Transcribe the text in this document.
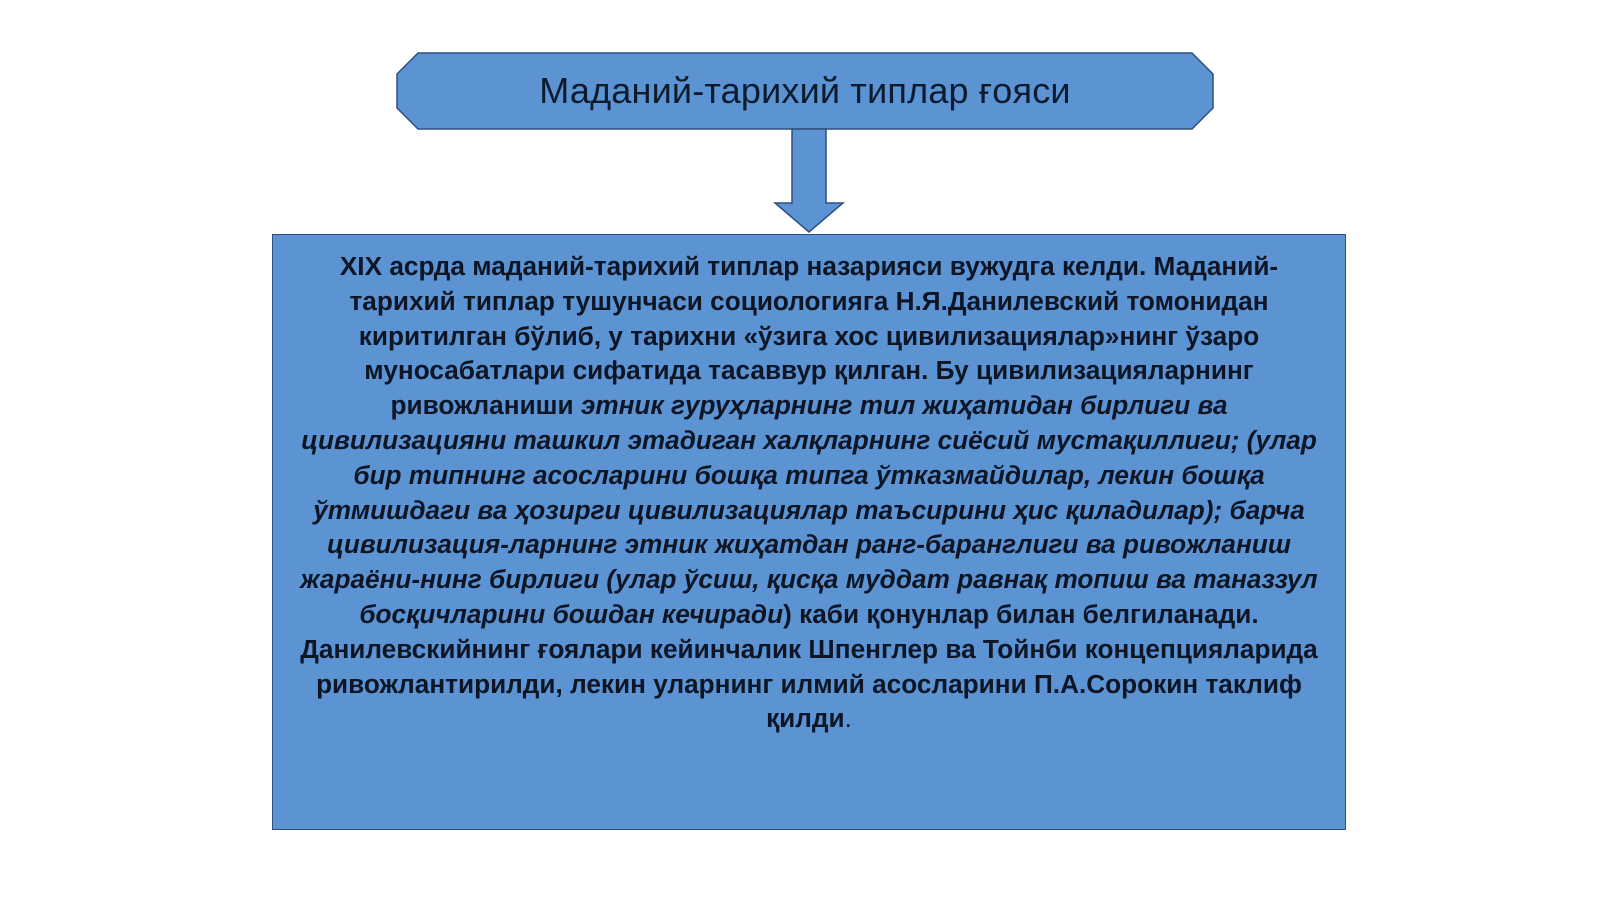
Маданий-тарихий типлар ғояси
XIX асрда маданий-тарихий типлар назарияси вужудга келди. Маданий-тарихий типлар тушунчаси социологияга Н.Я.Данилевский томонидан киритилган бўлиб, у тарихни «ўзига хос цивилизациялар»нинг ўзаро муносабатлари сифатида тасаввур қилган. Бу цивилизацияларнинг ривожланиши этник гуруҳларнинг тил жиҳатидан бирлиги ва цивилизацияни ташкил этадиган халқларнинг сиёсий мустақиллиги; (улар бир типнинг асосларини бошқа типга ўтказмайдилар, лекин бошқа ўтмишдаги ва ҳозирги цивилизациялар таъсирини ҳис қиладилар); барча цивилизация-ларнинг этник жиҳатдан ранг-баранглиги ва ривожланиш жараёни-нинг бирлиги (улар ўсиш, қисқа муддат равнақ топиш ва таназзул босқичларини бошдан кечиради) каби қонунлар билан белгиланади. Данилевскийнинг ғоялари кейинчалик Шпенглер ва Тойнби концепцияларида ривожлантирилди, лекин уларнинг илмий асосларини П.А.Сорокин таклиф қилди.
